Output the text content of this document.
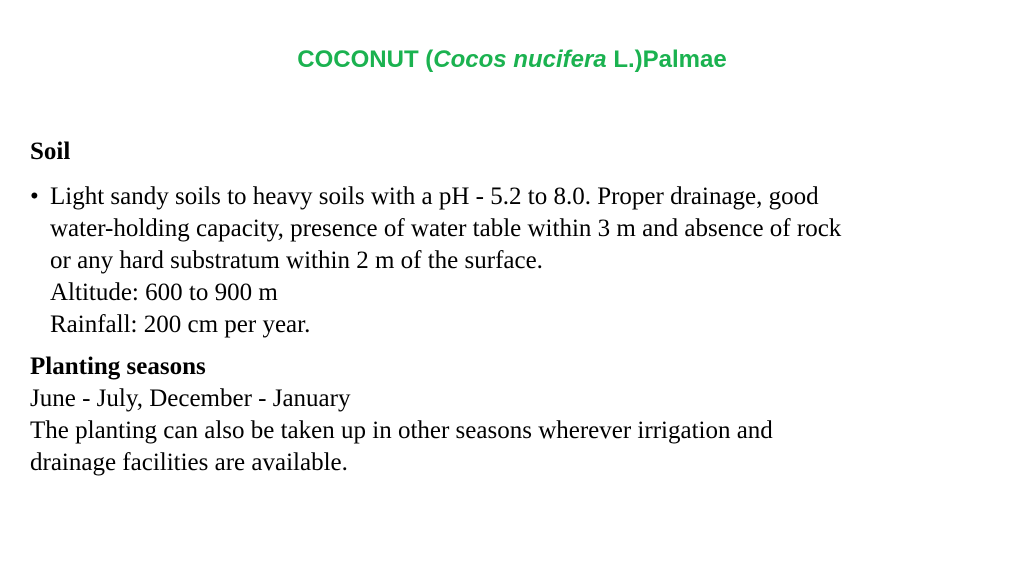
COCONUT (Cocos nucifera L.)Palmae
Soil
• Light sandy soils to heavy soils with a pH - 5.2 to 8.0. Proper drainage, good
water-holding capacity, presence of water table within 3 m and absence of rock
or any hard substratum within 2 m of the surface.
Altitude: 600 to 900 m
Rainfall: 200 cm per year.
Planting seasons
June - July, December - January
The planting can also be taken up in other seasons wherever irrigation and
drainage facilities are available.
